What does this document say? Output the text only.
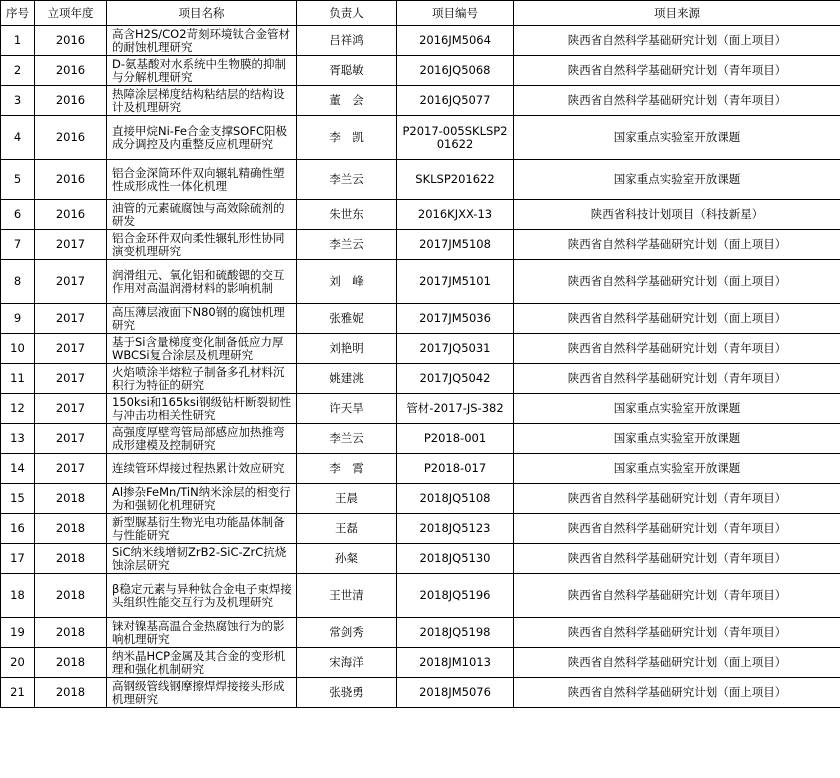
序号	立项年度	项目名称	负责人	项目编号	项目来源
1	2016	高含H2S/CO2苛刻环境钛合金管材的耐蚀机理研究	吕祥鸿	2016JM5064	陕西省自然科学基础研究计划（面上项目）
2	2016	D-氨基酸对水系统中生物膜的抑制与分解机理研究	胥聪敏	2016JQ5068	陕西省自然科学基础研究计划（青年项目）
3	2016	热障涂层梯度结构粘结层的结构设计及机理研究	董　会	2016JQ5077	陕西省自然科学基础研究计划（青年项目）
4	2016	直接甲烷Ni-Fe合金支撑SOFC阳极成分调控及内重整反应机理研究	李　凯	P2017-005SKLSP201622	国家重点实验室开放课题
5	2016	铝合金深筒环件双向辗轧精确性塑性成形成性一体化机理	李兰云	SKLSP201622	国家重点实验室开放课题
6	2016	油管的元素硫腐蚀与高效除硫剂的研发	朱世东	2016KJXX-13	陕西省科技计划项目（科技新星）
7	2017	铝合金环件双向柔性辗轧形性协同演变机理研究	李兰云	2017JM5108	陕西省自然科学基础研究计划（面上项目）
8	2017	润滑组元、氧化铝和硫酸锶的交互作用对高温润滑材料的影响机制	刘　峰	2017JM5101	陕西省自然科学基础研究计划（面上项目）
9	2017	高压薄层液面下N80钢的腐蚀机理研究	张雅妮	2017JM5036	陕西省自然科学基础研究计划（面上项目）
10	2017	基于Si含量梯度变化制备低应力厚WBCSi复合涂层及机理研究	刘艳明	2017JQ5031	陕西省自然科学基础研究计划（青年项目）
11	2017	火焰喷涂半熔粒子制备多孔材料沉积行为特征的研究	姚建洮	2017JQ5042	陕西省自然科学基础研究计划（青年项目）
12	2017	150ksi和165ksi钢级钻杆断裂韧性与冲击功相关性研究	许天旱	管材-2017-JS-382	国家重点实验室开放课题
13	2017	高强度厚壁弯管局部感应加热推弯成形建模及控制研究	李兰云	P2018-001	国家重点实验室开放课题
14	2017	连续管环焊接过程热累计效应研究	李　霄	P2018-017	国家重点实验室开放课题
15	2018	Al掺杂FeMn/TiN纳米涂层的相变行为和强韧化机理研究	王晨	2018JQ5108	陕西省自然科学基础研究计划（青年项目）
16	2018	新型脲基衍生物光电功能晶体制备与性能研究	王磊	2018JQ5123	陕西省自然科学基础研究计划（青年项目）
17	2018	SiC纳米线增韧ZrB2-SiC-ZrC抗烧蚀涂层研究	孙粲	2018JQ5130	陕西省自然科学基础研究计划（青年项目）
18	2018	β稳定元素与异种钛合金电子束焊接头组织性能交互行为及机理研究	王世清	2018JQ5196	陕西省自然科学基础研究计划（青年项目）
19	2018	铼对镍基高温合金热腐蚀行为的影响机理研究	常剑秀	2018JQ5198	陕西省自然科学基础研究计划（青年项目）
20	2018	纳米晶HCP金属及其合金的变形机理和强化机制研究	宋海洋	2018JM1013	陕西省自然科学基础研究计划（面上项目）
21	2018	高钢级管线钢摩擦焊焊接接头形成机理研究	张骁勇	2018JM5076	陕西省自然科学基础研究计划（面上项目）
